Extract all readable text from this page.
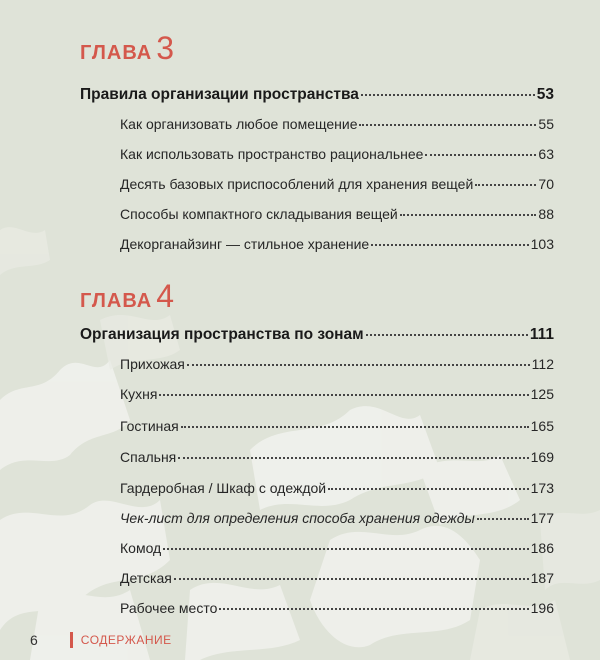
ГЛАВА 3
Правила организации пространства	53
Как организовать любое помещение	55
Как использовать пространство рациональнее	63
Десять базовых приспособлений для хранения вещей	70
Способы компактного складывания вещей	88
Декорганайзинг — стильное хранение	103
ГЛАВА 4
Организация пространства по зонам	111
Прихожая	112
Кухня	125
Гостиная	165
Спальня	169
Гардеробная / Шкаф с одеждой	173
Чек-лист для определения способа хранения одежды	177
Комод	186
Детская	187
Рабочее место	196
6	СОДЕРЖАНИЕ
